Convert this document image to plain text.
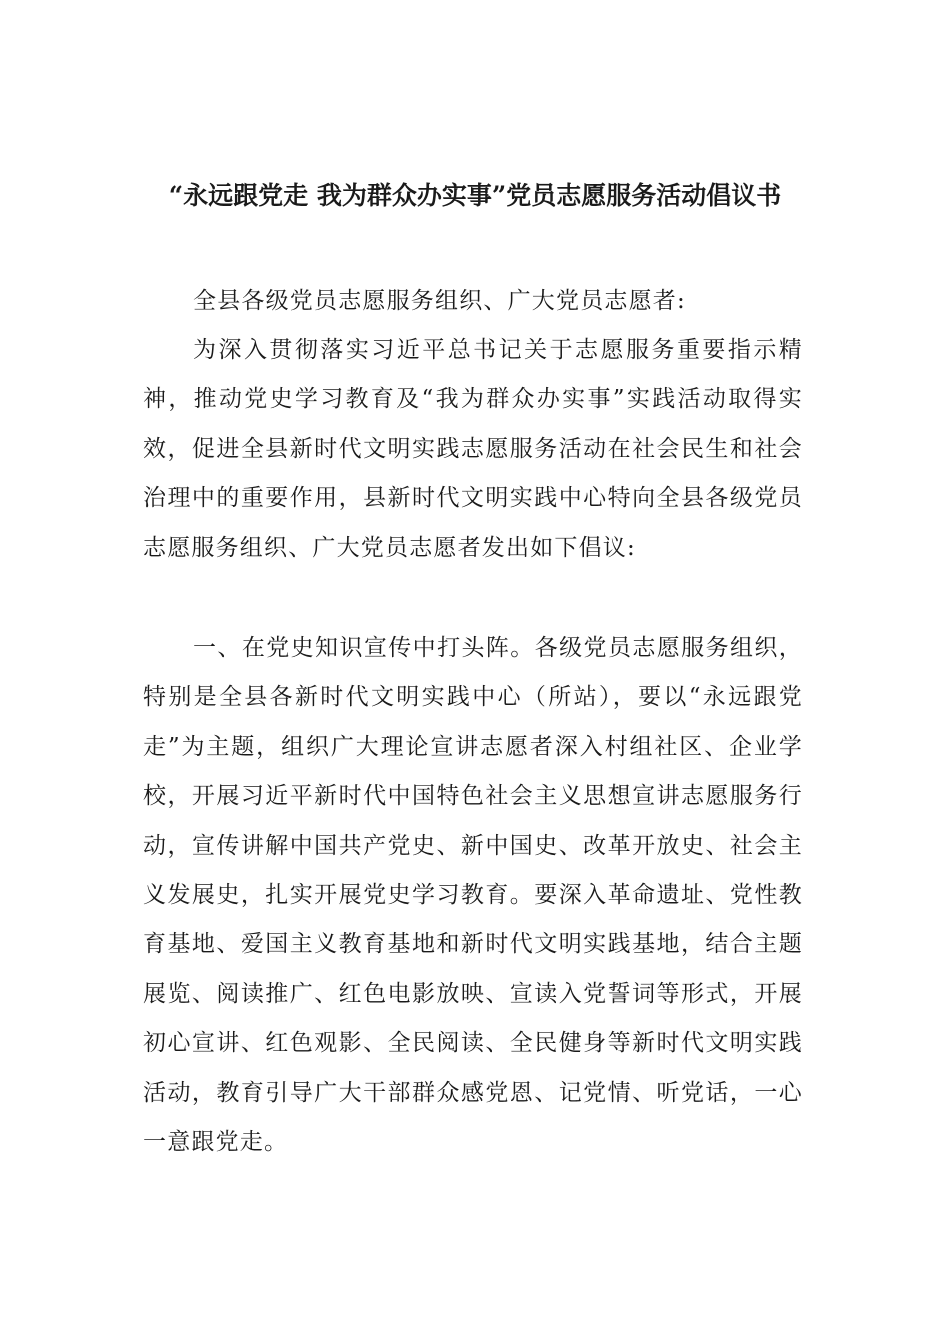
“永远跟党走 我为群众办实事”党员志愿服务活动倡议书

全县各级党员志愿服务组织、广大党员志愿者:

为深入贯彻落实习近平总书记关于志愿服务重要指示精神，推动党史学习教育及“我为群众办实事”实践活动取得实效，促进全县新时代文明实践志愿服务活动在社会民生和社会治理中的重要作用，县新时代文明实践中心特向全县各级党员志愿服务组织、广大党员志愿者发出如下倡议:

一、在党史知识宣传中打头阵。各级党员志愿服务组织，特别是全县各新时代文明实践中心（所站），要以“永远跟党走”为主题，组织广大理论宣讲志愿者深入村组社区、企业学校，开展习近平新时代中国特色社会主义思想宣讲志愿服务行动，宣传讲解中国共产党史、新中国史、改革开放史、社会主义发展史，扎实开展党史学习教育。要深入革命遗址、党性教育基地、爱国主义教育基地和新时代文明实践基地，结合主题展览、阅读推广、红色电影放映、宣读入党誓词等形式，开展初心宣讲、红色观影、全民阅读、全民健身等新时代文明实践活动，教育引导广大干部群众感党恩、记党情、听党话，一心一意跟党走。
